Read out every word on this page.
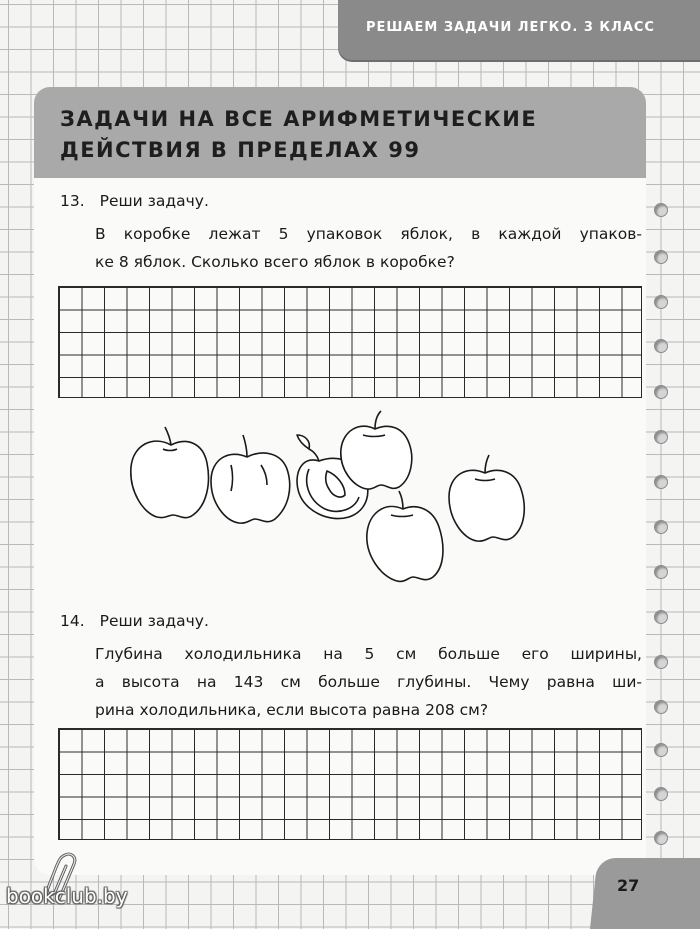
РЕШАЕМ ЗАДАЧИ ЛЕГКО. 3 КЛАСС
ЗАДАЧИ НА ВСЕ АРИФМЕТИЧЕСКИЕ
ДЕЙСТВИЯ В ПРЕДЕЛАХ 99
13. Реши задачу.
В коробке лежат 5 упаковок яблок, в каждой упаков-
ке 8 яблок. Сколько всего яблок в коробке?
14. Реши задачу.
Глубина холодильника на 5 см больше его ширины,
а высота на 143 см больше глубины. Чему равна ши-
рина холодильника, если высота равна 208 см?
27
bookclub.by
